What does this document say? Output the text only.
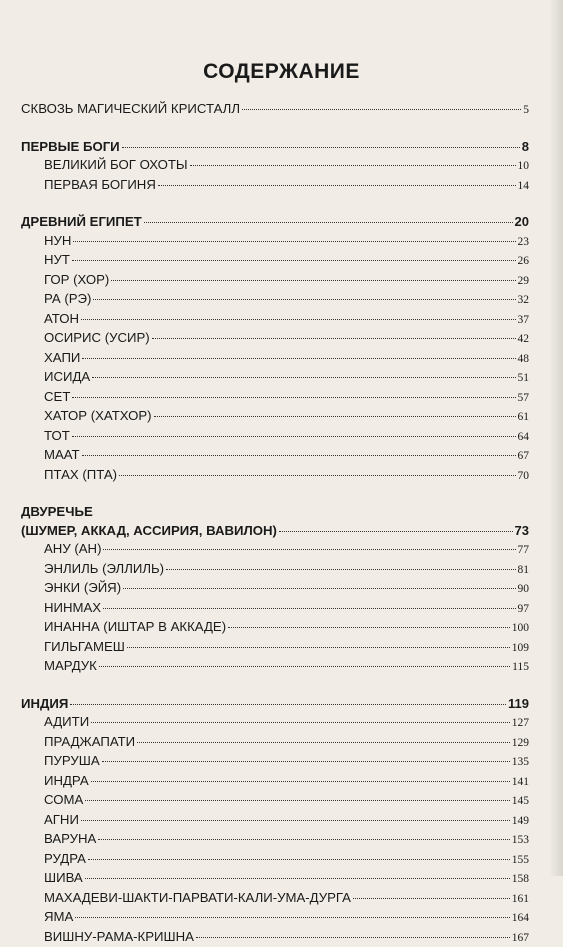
СОДЕРЖАНИЕ
СКВОЗЬ МАГИЧЕСКИЙ КРИСТАЛЛ	5
ПЕРВЫЕ БОГИ	8
ВЕЛИКИЙ БОГ ОХОТЫ	10
ПЕРВАЯ БОГИНЯ	14
ДРЕВНИЙ ЕГИПЕТ	20
НУН	23
НУТ	26
ГОР (ХОР)	29
РА (РЭ)	32
АТОН	37
ОСИРИС (УСИР)	42
ХАПИ	48
ИСИДА	51
СЕТ	57
ХАТОР (ХАТХОР)	61
ТОТ	64
МААТ	67
ПТАХ (ПТА)	70
ДВУРЕЧЬЕ
(ШУМЕР, АККАД, АССИРИЯ, ВАВИЛОН)	73
АНУ (АН)	77
ЭНЛИЛЬ (ЭЛЛИЛЬ)	81
ЭНКИ (ЭЙЯ)	90
НИНМАХ	97
ИНАННА (ИШТАР В АККАДЕ)	100
ГИЛЬГАМЕШ	109
МАРДУК	115
ИНДИЯ	119
АДИТИ	127
ПРАДЖАПАТИ	129
ПУРУША	135
ИНДРА	141
СОМА	145
АГНИ	149
ВАРУНА	153
РУДРА	155
ШИВА	158
МАХАДЕВИ-ШАКТИ-ПАРВАТИ-КАЛИ-УМА-ДУРГА	161
ЯМА	164
ВИШНУ-РАМА-КРИШНА	167
